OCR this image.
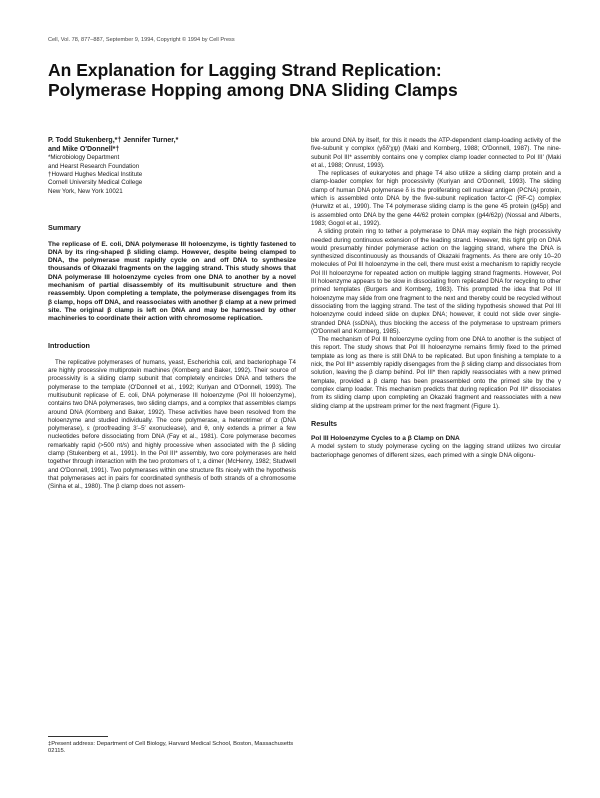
Cell, Vol. 78, 877–887, September 9, 1994, Copyright © 1994 by Cell Press
An Explanation for Lagging Strand Replication:
Polymerase Hopping among DNA Sliding Clamps
P. Todd Stukenberg,*† Jennifer Turner,*
and Mike O'Donnell*†
*Microbiology Department
and Hearst Research Foundation
†Howard Hughes Medical Institute
Cornell University Medical College
New York, New York 10021

Summary

The replicase of E. coli, DNA polymerase III holoenzyme, is tightly fastened to DNA by its ring-shaped β sliding clamp. However, despite being clamped to DNA, the polymerase must rapidly cycle on and off DNA to synthesize thousands of Okazaki fragments on the lagging strand. This study shows that DNA polymerase III holoenzyme cycles from one DNA to another by a novel mechanism of partial disassembly of its multisubunit structure and then reassembly. Upon completing a template, the polymerase disengages from its β clamp, hops off DNA, and reassociates with another β clamp at a new primed site. The original β clamp is left on DNA and may be harnessed by other machineries to coordinate their action with chromosome replication.

Introduction

The replicative polymerases of humans, yeast, Escherichia coli, and bacteriophage T4 are highly processive multiprotein machines (Kornberg and Baker, 1992). Their source of processivity is a sliding clamp subunit that completely encircles DNA and tethers the polymerase to the template (O'Donnell et al., 1992; Kuriyan and O'Donnell, 1993). The multisubunit replicase of E. coli, DNA polymerase III holoenzyme (Pol III holoenzyme), contains two DNA polymerases, two sliding clamps, and a complex that assembles clamps around DNA (Kornberg and Baker, 1992). These activities have been resolved from the holoenzyme and studied individually. The core polymerase, a heterotrimer of α (DNA polymerase), ε (proofreading 3′–5′ exonuclease), and θ, only extends a primer a few nucleotides before dissociating from DNA (Fay et al., 1981). Core polymerase becomes remarkably rapid (>500 nt/s) and highly processive when associated with the β sliding clamp (Stukenberg et al., 1991). In the Pol III* assembly, two core polymerases are held together through interaction with the two protomers of τ, a dimer (McHenry, 1982; Studwell and O'Donnell, 1991). Two polymerases within one structure fits nicely with the hypothesis that polymerases act in pairs for coordinated synthesis of both strands of a chromosome (Sinha et al., 1980). The β clamp does not assem-

ble around DNA by itself, for this it needs the ATP-dependent clamp-loading activity of the five-subunit γ complex (γδδ′χψ) (Maki and Kornberg, 1988; O'Donnell, 1987). The nine-subunit Pol III* assembly contains one γ complex clamp loader connected to Pol III′ (Maki et al., 1988; Onrust, 1993).

The replicases of eukaryotes and phage T4 also utilize a sliding clamp protein and a clamp-loader complex for high processivity (Kuriyan and O'Donnell, 1993). The sliding clamp of human DNA polymerase δ is the proliferating cell nuclear antigen (PCNA) protein, which is assembled onto DNA by the five-subunit replication factor-C (RF-C) complex (Hurwitz et al., 1990). The T4 polymerase sliding clamp is the gene 45 protein (g45p) and is assembled onto DNA by the gene 44/62 protein complex (g44/62p) (Nossal and Alberts, 1983; Gogol et al., 1992).

A sliding protein ring to tether a polymerase to DNA may explain the high processivity needed during continuous extension of the leading strand. However, this tight grip on DNA would presumably hinder polymerase action on the lagging strand, where the DNA is synthesized discontinuously as thousands of Okazaki fragments. As there are only 10–20 molecules of Pol III holoenzyme in the cell, there must exist a mechanism to rapidly recycle Pol III holoenzyme for repeated action on multiple lagging strand fragments. However, Pol III holoenzyme appears to be slow in dissociating from replicated DNA for recycling to other primed templates (Burgers and Kornberg, 1983). This prompted the idea that Pol III holoenzyme may slide from one fragment to the next and thereby could be recycled without dissociating from the lagging strand. The test of the sliding hypothesis showed that Pol III holoenzyme could indeed slide on duplex DNA; however, it could not slide over single-stranded DNA (ssDNA), thus blocking the access of the polymerase to upstream primers (O'Donnell and Kornberg, 1985).

The mechanism of Pol III holoenzyme cycling from one DNA to another is the subject of this report. The study shows that Pol III holoenzyme remains firmly fixed to the primed template as long as there is still DNA to be replicated. But upon finishing a template to a nick, the Pol III* assembly rapidly disengages from the β sliding clamp and dissociates from solution, leaving the β clamp behind. Pol III* then rapidly reassociates with a new primed template, provided a β clamp has been preassembled onto the primed site by the γ complex clamp loader. This mechanism predicts that during replication Pol III* dissociates from its sliding clamp upon completing an Okazaki fragment and reassociates with a new sliding clamp at the upstream primer for the next fragment (Figure 1).

Results

Pol III Holoenzyme Cycles to a β Clamp on DNA

A model system to study polymerase cycling on the lagging strand utilizes two circular bacteriophage genomes of different sizes, each primed with a single DNA oligonu-

‡Present address: Department of Cell Biology, Harvard Medical School, Boston, Massachusetts 02115.
